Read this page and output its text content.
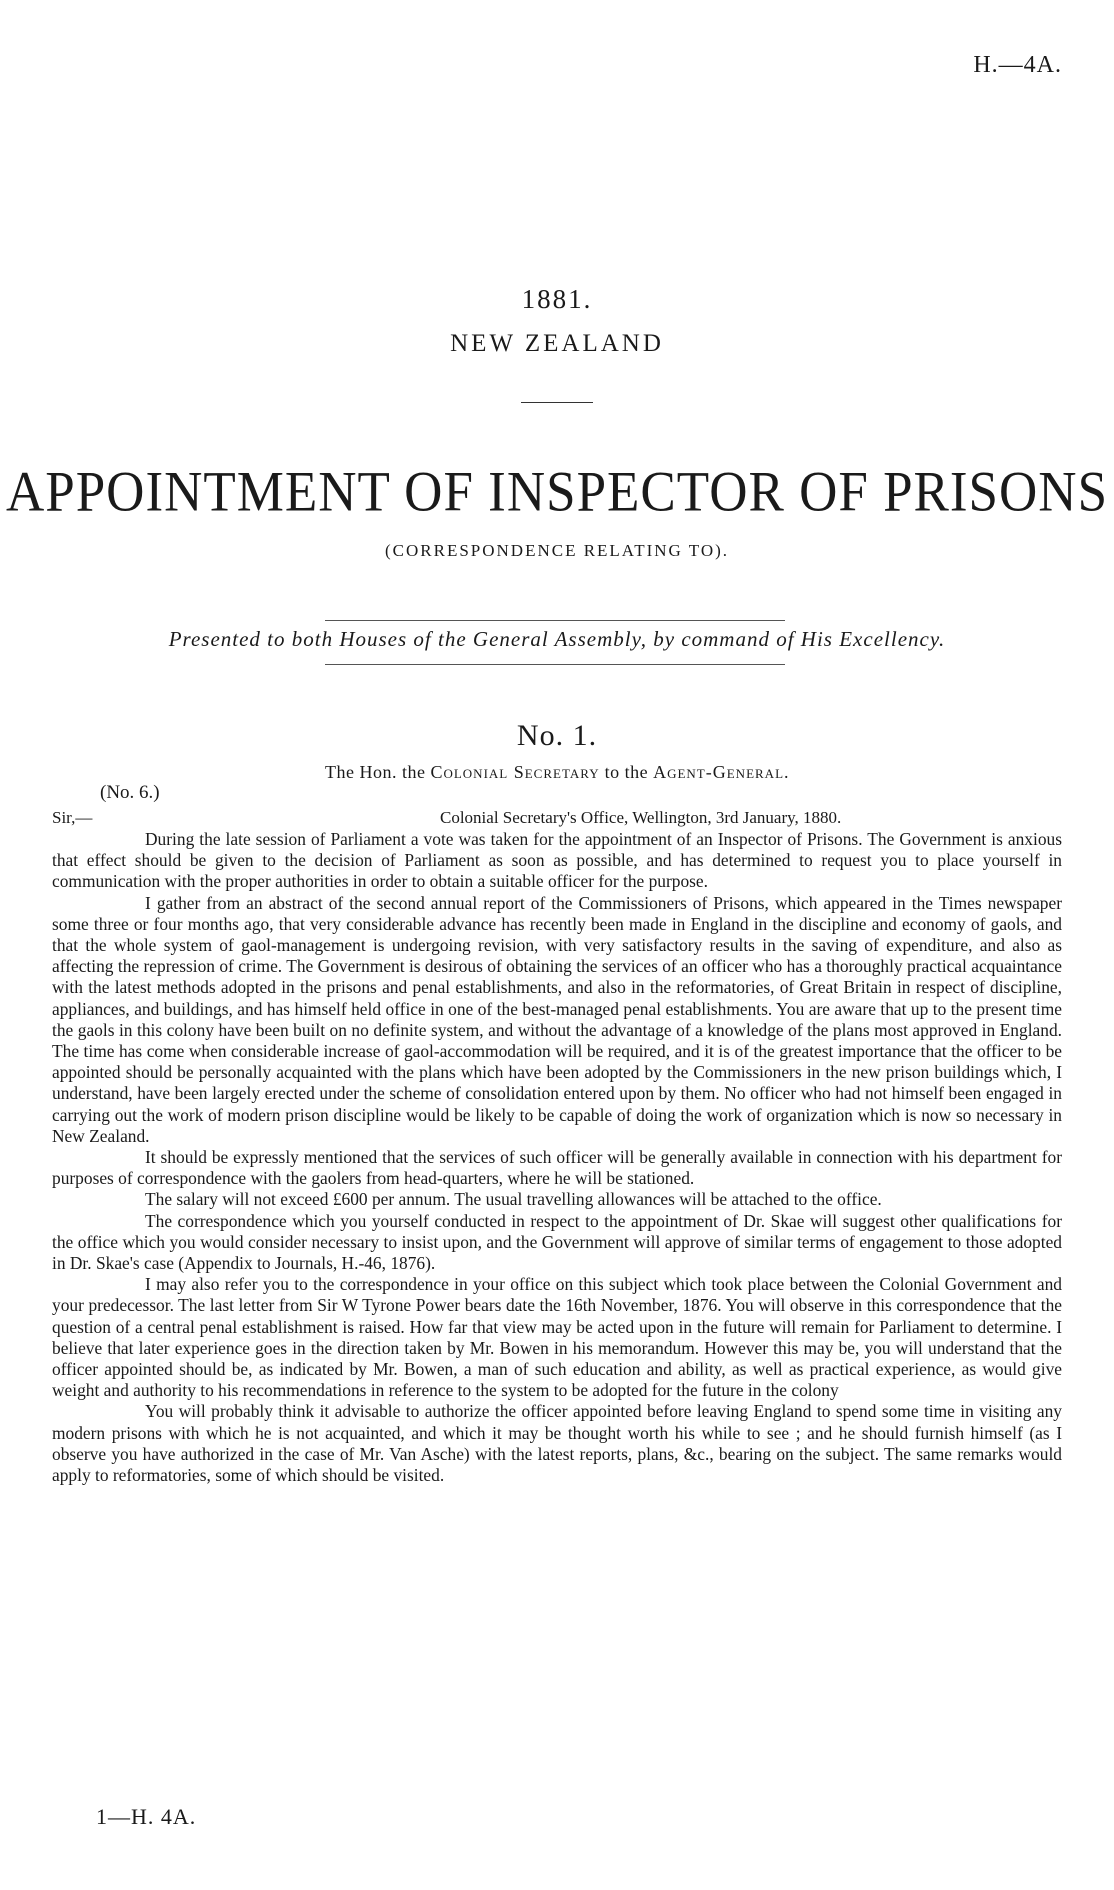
H.—4A.
1881.
NEW ZEALAND
APPOINTMENT OF INSPECTOR OF PRISONS
(CORRESPONDENCE RELATING TO).
Presented to both Houses of the General Assembly, by command of His Excellency.
No. 1.
The Hon. the Colonial Secretary to the Agent-General.
(No. 6.)
Sir,—	Colonial Secretary's Office, Wellington, 3rd January, 1880.

During the late session of Parliament a vote was taken for the appointment of an Inspector of Prisons. The Government is anxious that effect should be given to the decision of Parliament as soon as possible, and has determined to request you to place yourself in communication with the proper authorities in order to obtain a suitable officer for the purpose.

I gather from an abstract of the second annual report of the Commissioners of Prisons, which appeared in the Times newspaper some three or four months ago, that very considerable advance has recently been made in England in the discipline and economy of gaols, and that the whole system of gaol-management is undergoing revision, with very satisfactory results in the saving of expenditure, and also as affecting the repression of crime. The Government is desirous of obtaining the services of an officer who has a thoroughly practical acquaintance with the latest methods adopted in the prisons and penal establishments, and also in the reformatories, of Great Britain in respect of discipline, appliances, and buildings, and has himself held office in one of the best-managed penal establishments. You are aware that up to the present time the gaols in this colony have been built on no definite system, and without the advantage of a knowledge of the plans most approved in England. The time has come when considerable increase of gaol-accommodation will be required, and it is of the greatest importance that the officer to be appointed should be personally acquainted with the plans which have been adopted by the Commissioners in the new prison buildings which, I understand, have been largely erected under the scheme of consolidation entered upon by them. No officer who had not himself been engaged in carrying out the work of modern prison discipline would be likely to be capable of doing the work of organization which is now so necessary in New Zealand.

It should be expressly mentioned that the services of such officer will be generally available in connection with his department for purposes of correspondence with the gaolers from head-quarters, where he will be stationed.

The salary will not exceed £600 per annum. The usual travelling allowances will be attached to the office.

The correspondence which you yourself conducted in respect to the appointment of Dr. Skae will suggest other qualifications for the office which you would consider necessary to insist upon, and the Government will approve of similar terms of engagement to those adopted in Dr. Skae's case (Appendix to Journals, H.-46, 1876).

I may also refer you to the correspondence in your office on this subject which took place between the Colonial Government and your predecessor. The last letter from Sir W Tyrone Power bears date the 16th November, 1876. You will observe in this correspondence that the question of a central penal establishment is raised. How far that view may be acted upon in the future will remain for Parliament to determine. I believe that later experience goes in the direction taken by Mr. Bowen in his memorandum. However this may be, you will understand that the officer appointed should be, as indicated by Mr. Bowen, a man of such education and ability, as well as practical experience, as would give weight and authority to his recommendations in reference to the system to be adopted for the future in the colony

You will probably think it advisable to authorize the officer appointed before leaving England to spend some time in visiting any modern prisons with which he is not acquainted, and which it may be thought worth his while to see ; and he should furnish himself (as I observe you have authorized in the case of Mr. Van Asche) with the latest reports, plans, &c., bearing on the subject. The same remarks would apply to reformatories, some of which should be visited.

1—H. 4A.
